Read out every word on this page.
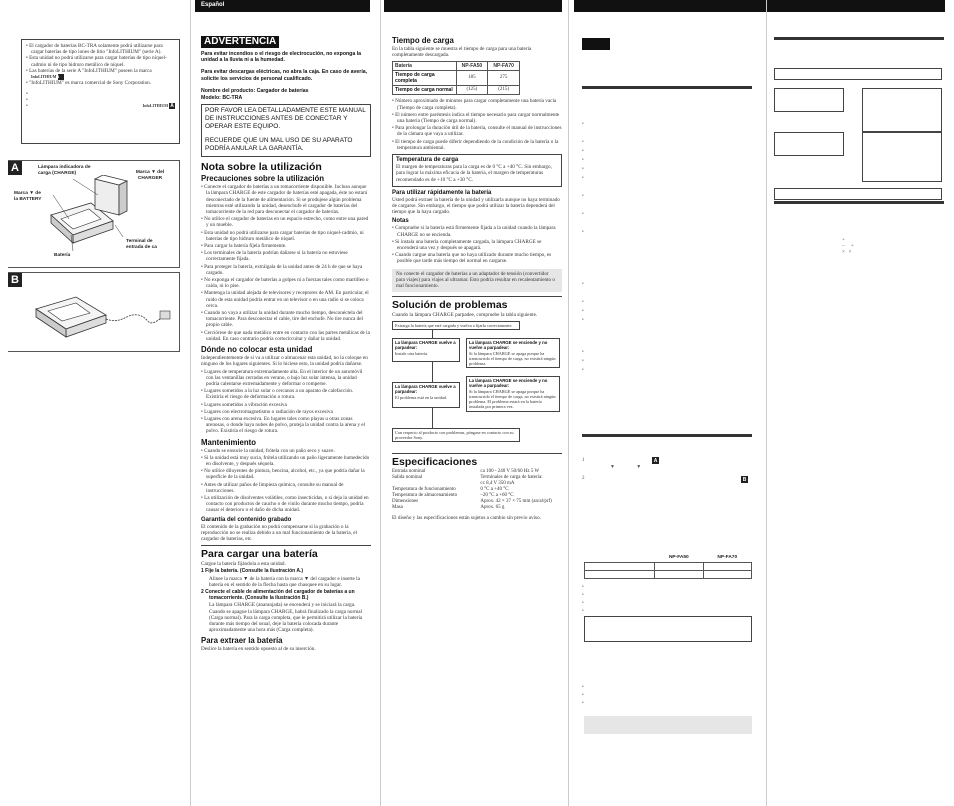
• El cargador de baterías BC-TRA solamente podrá utilizarse para cargar baterías de tipo iones de litio "InfoLITHIUM" (serie A).

• Esta unidad no podrá utilizarse para cargar baterías de tipo níquel-cadmio ni de tipo hidruro metálico de níquel.

• Las baterías de la serie A "InfoLITHIUM" poseen la marca InfoLITHIUM A

• "InfoLITHIUM" es marca comercial de Sony Corporation.

•

•

•	InfoLITHIUM A

A	Lámpara indicadora de carga (CHARGE)	Marca ▼ del CHARGER
Marca ▼ de la BATTERY
Batería
Terminal de entrada de ca
B
Español
ADVERTENCIA

Para evitar incendios o el riesgo de electrocución, no exponga la unidad a la lluvia ni a la humedad.

Para evitar descargas eléctricas, no abra la caja. En caso de avería, solicite los servicios de personal cualificado.

Nombre del producto: Cargador de baterías

Modelo: BC-TRA

POR FAVOR LEA DETALLADAMENTE ESTE MANUAL DE INSTRUCCIONES ANTES DE CONECTAR Y OPERAR ESTE EQUIPO.

RECUERDE QUE UN MAL USO DE SU APARATO PODRÍA ANULAR LA GARANTÍA.

Nota sobre la utilización
Precauciones sobre la utilización

• Conecte el cargador de baterías a un tomacorriente disponible. Incluso aunque la lámpara CHARGE de este cargador de baterías esté apagada, éste no estará desconectado de la fuente de alimentación. Si se produjese algún problema mientras esté utilizando la unidad, desenchufe el cargador de baterías del tomacorriente de la red para desconectar el cargador de baterías.

• No utilice el cargador de baterías en un espacio estrecho, como entre una pared y un mueble.

• Esta unidad no podrá utilizarse para cargar baterías de tipo níquel-cadmio, ni baterías de tipo hidruro metálico de níquel.

• Para cargar la batería fíjela firmemente.

• Los terminales de la batería podrían dañarse si la batería no estuviese correctamente fijada.

• Para proteger la batería, extráigala de la unidad antes de 24 h de que se haya cargado.

• No exponga el cargador de baterías a golpes ni a fuerzas tales como martilleo o caída, ni lo pise.

• Mantenga la unidad alejada de televisores y receptores de AM. En particular, el ruido de esta unidad podría entrar en un televisor o en una radio si se coloca cerca.

• Cuando no vaya a utilizar la unidad durante mucho tiempo, desconéctela del tomacorriente. Para desconectar el cable, tire del enchufe. No tire nunca del propio cable.

• Cerciórese de que nada metálico entre en contacto con las partes metálicas de la unidad. En caso contrario podría cortocircuitar y dañar la unidad.

Dónde no colocar esta unidad

Independientemente de si va a utilizar o almacenar esta unidad, no la coloque en ninguno de los lugares siguientes. Si lo hiciese esto, la unidad podría dañarse.

• Lugares de temperatura extremadamente alta. En el interior de un automóvil con las ventanillas cerradas en verano, o bajo luz solar intensa, la unidad podría calentarse extremadamente y deformar o romperse.

• Lugares sometidos a la luz solar o cercanos a un aparato de calefacción. Existiría el riesgo de deformación o rotura.

• Lugares sometidos a vibración excesiva

• Lugares con electromagnetismo o radiación de rayos excesiva

• Lugares con arena excesiva. En lugares tales como playas u otras zonas arenosas, o donde haya nubes de polvo, proteja la unidad contra la arena y el polvo. Existiría el riesgo de rotura.

Mantenimiento

• Cuando se ensucie la unidad, frótela con un paño seco y suave.

• Si la unidad está muy sucia, frótela utilizando un paño ligeramente humedecido en disolvente, y después séquela.

• No utilice diluyentes de pintura, bencina, alcohol, etc., ya que podría dañar la superficie de la unidad.

• Antes de utilizar paños de limpieza química, consulte su manual de instrucciones.

• La utilización de disolventes volátiles, como insecticidas, o si deja la unidad en contacto con productos de caucho o de vinilo durante mucho tiempo, podría causar el deterioro o el daño de dicha unidad.

Garantía del contenido grabado

El contenido de la grabación no podrá compensarse si la grabación o la reproducción no se realiza debido a un mal funcionamiento de la batería, el cargador de baterías, etc.

Para cargar una batería

Cargue la batería fijándola a esta unidad.

1 Fije la batería. (Consulte la ilustración A.)

Alinee la marca ▼ de la batería con la marca ▼ del cargador e inserte la batería en el sentido de la flecha hasta que chasquee en su lugar.

2 Conecte el cable de alimentación del cargador de baterías a un tomacorriente. (Consulte la ilustración B.)

La lámpara CHARGE (anaranjada) se encenderá y se iniciará la carga. Cuando se apague la lámpara CHARGE, habrá finalizado la carga normal (Carga normal). Para la carga completa, que le permitirá utilizar la batería durante más tiempo del usual, deje la batería colocada durante aproximadamente una hora más (Carga completa).

Para extraer la batería

Deslice la batería en sentido opuesto al de su inserción.

Tiempo de carga

En la tabla siguiente se muestra el tiempo de carga para una batería completamente descargada.

Batería	NP-FA50	NP-FA70
Tiempo de carga completa	185	275
Tiempo de carga normal	(125)	(215)

• Número aproximado de minutos para cargar completamente una batería vacía (Tiempo de carga completa).

• El número entre paréntesis indica el tiempo necesario para cargar normalmente una batería (Tiempo de carga normal).

• Para prolongar la duración útil de la batería, consulte el manual de instrucciones de la cámara que vaya a utilizar.

• El tiempo de carga puede diferir dependiendo de la condición de la batería o la temperatura ambiental.

Temperatura de carga

El margen de temperaturas para la carga es de 0 °C a +40 °C. Sin embargo, para lograr la máxima eficacia de la batería, el margen de temperaturas recomendado es de +10 °C a +30 °C.

Para utilizar rápidamente la batería

Usted podrá extraer la batería de la unidad y utilizarla aunque no haya terminado de cargarse. Sin embargo, el tiempo que podrá utilizar la batería dependerá del tiempo que la haya cargado.

Notas

• Compruebe si la batería está firmemente fijada a la unidad cuando la lámpara CHARGE no se encienda.

• Si instala una batería completamente cargada, la lámpara CHARGE se encenderá una vez y después se apagará.

• Cuando cargue una batería que no haya utilizado durante mucho tiempo, es posible que tarde más tiempo del normal en cargarse.

No conecte el cargador de baterías a un adaptador de tensión (convertidor para viajes) para viajes al ultramar. Esto podría resultar en recalentamiento o mal funcionamiento.

Solución de problemas

Cuando la lámpara CHARGE parpadee, compruebe la tabla siguiente.

Extraiga la batería que esté cargada y vuelva a fijarla correctamente.

La lámpara CHARGE vuelve a parpadear:

Instale otra batería.

La lámpara CHARGE se enciende y no vuelve a parpadear:

Si la lámpara CHARGE se apaga porque ha transcurrido el tiempo de carga, no existirá ningún problema.

La lámpara CHARGE vuelve a parpadear:

El problema está en la unidad.

La lámpara CHARGE se enciende y no vuelve a parpadear:

Si la lámpara CHARGE se apaga porque ha transcurrido el tiempo de carga, no existirá ningún problema. El problema estará en la batería instalada por primera vez.

Con respecto al producto con problemas, póngase en contacto con su proveedor Sony.
Especificaciones
Entrada nominal	ca 100 - 240 V 50/60 Hz 5 W
Salida nominal	Terminales de carga de batería:
	cc 8,4 V 350 mA
Temperatura de funcionamiento	0 °C a +40 °C
Temperatura de almacenamiento	–20 °C a +60 °C
Dimensiones	Aprox. 42 × 37 × 75 mm (an/al/prf)
Masa	Aprox. 65 g

El diseño y las especificaciones están sujetos a cambio sin previo aviso.

•

•
•
•
•
•

•

•

•
•

•
•
•
•
•
•
1	A
▼                 ▼
2	B
	NP-FA50	NP-FA70

•
•
•
•
•
•
•
+
–     +
×   ×
